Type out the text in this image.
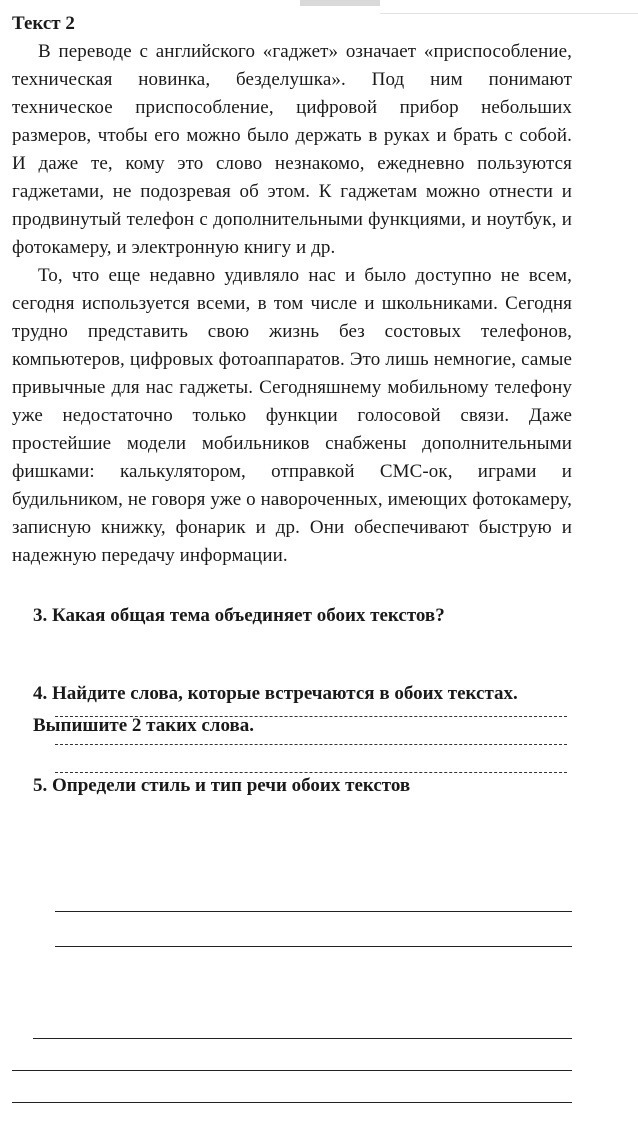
Текст 2

В переводе с английского «гаджет» означает «приспособление, техническая новинка, безделушка». Под ним понимают техническое приспособление, цифровой прибор небольших размеров, чтобы его можно было держать в руках и брать с собой. И даже те, кому это слово незнакомо, ежедневно пользуются гаджетами, не подозревая об этом. К гаджетам можно отнести и продвинутый телефон с дополнительными функциями, и ноутбук, и фотокамеру, и электронную книгу и др.

То, что еще недавно удивляло нас и было доступно не всем, сегодня используется всеми, в том числе и школьниками. Сегодня трудно представить свою жизнь без состовых телефонов, компьютеров, цифровых фотоаппаратов. Это лишь немногие, самые привычные для нас гаджеты. Сегодняшнему мобильному телефону уже недостаточно только функции голосовой связи. Даже простейшие модели мобильников снабжены дополнительными фишками: калькулятором, отправкой СМС-ок, играми и будильником, не говоря уже о навороченных, имеющих фотокамеру, записную книжку, фонарик и др. Они обеспечивают быструю и надежную передачу информации.

3. Какая общая тема объединяет обоих текстов?

4. Найдите слова, которые встречаются в обоих текстах.

Выпишите 2 таких слова.

5. Определи стиль и тип речи обоих текстов
